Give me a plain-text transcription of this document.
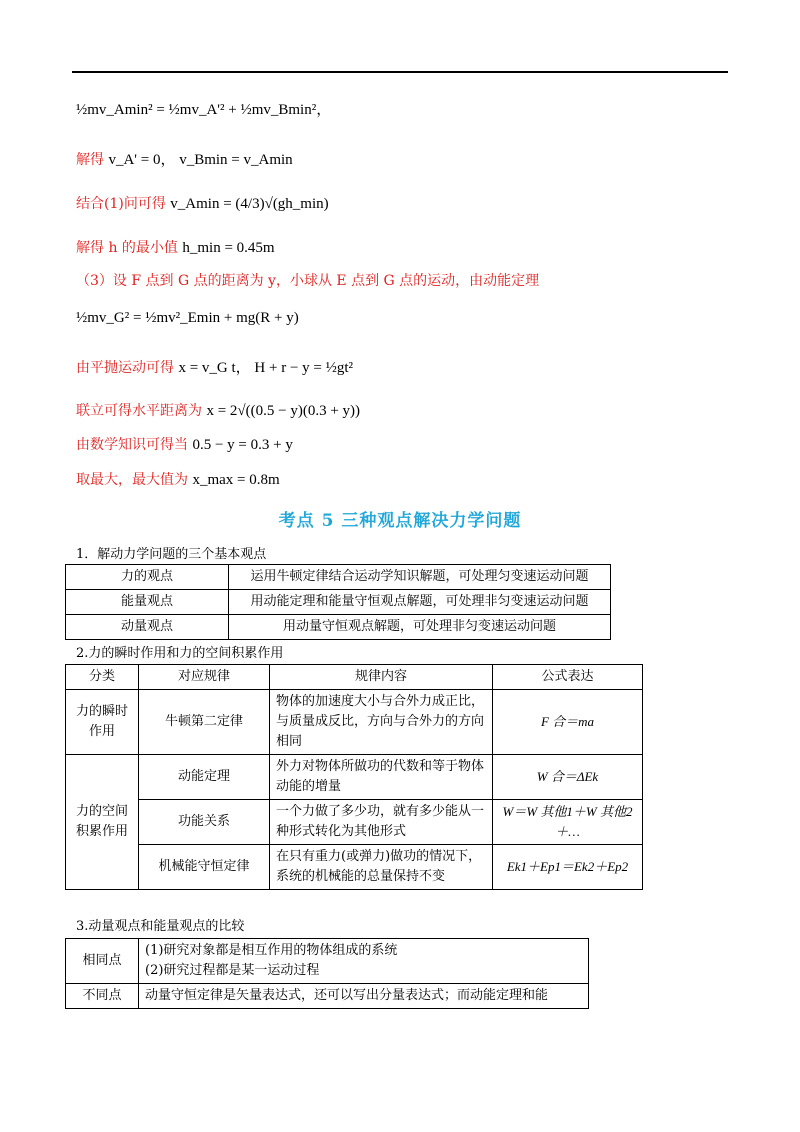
½mv_Amin² = ½mv_A'² + ½mv_Bmin²，
解得 v_A' = 0， v_Bmin = v_Amin
结合(1)问可得 v_Amin = (4/3)√(gh_min)
解得 h 的最小值 h_min = 0.45m
（3）设 F 点到 G 点的距离为 y，小球从 E 点到 G 点的运动，由动能定理
½mv_G² = ½mv²_Emin + mg(R + y)
由平抛运动可得 x = v_G t， H + r − y = ½gt²
联立可得水平距离为 x = 2√((0.5 − y)(0.3 + y))
由数学知识可得当 0.5 − y = 0.3 + y
取最大，最大值为 x_max = 0.8m
考点 5 三种观点解决力学问题
1．解动力学问题的三个基本观点
力的观点	运用牛顿定律结合运动学知识解题，可处理匀变速运动问题
能量观点	用动能定理和能量守恒观点解题，可处理非匀变速运动问题
动量观点	用动量守恒观点解题，可处理非匀变速运动问题
2.力的瞬时作用和力的空间积累作用
分类	对应规律	规律内容	公式表达
力的瞬时作用	牛顿第二定律	物体的加速度大小与合外力成正比，与质量成反比，方向与合外力的方向相同	F 合＝ma
力的空间积累作用	动能定理	外力对物体所做功的代数和等于物体动能的增量	W 合＝ΔEk
	功能关系	一个力做了多少功，就有多少能从一种形式转化为其他形式	W＝W 其他1＋W 其他2＋…
	机械能守恒定律	在只有重力(或弹力)做功的情况下，系统的机械能的总量保持不变	Ek1＋Ep1＝Ek2＋Ep2
3.动量观点和能量观点的比较
相同点	(1)研究对象都是相互作用的物体组成的系统
(2)研究过程都是某一运动过程

不同点	动量守恒定律是矢量表达式，还可以写出分量表达式；而动能定理和能
